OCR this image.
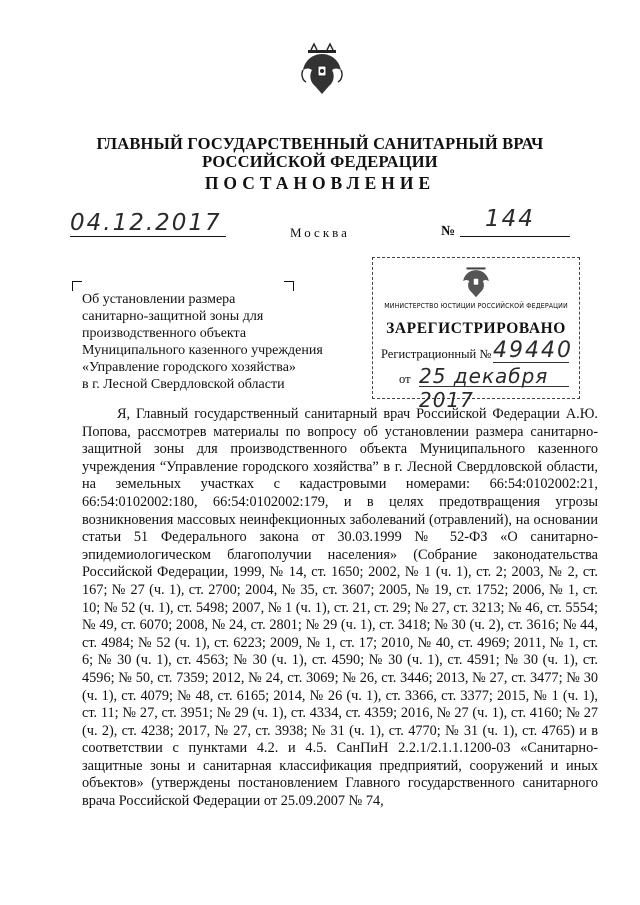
ГЛАВНЫЙ ГОСУДАРСТВЕННЫЙ САНИТАРНЫЙ ВРАЧ
РОССИЙСКОЙ ФЕДЕРАЦИИ
ПОСТАНОВЛЕНИЕ
04.12.2017	Москва	№ 144
Об установлении размера
санитарно-защитной зоны для
производственного объекта
Муниципального казенного учреждения
«Управление городского хозяйства»
в г. Лесной Свердловской области
МИНИСТЕРСТВО ЮСТИЦИИ РОССИЙСКОЙ ФЕДЕРАЦИИ
ЗАРЕГИСТРИРОВАНО
Регистрационный № 49440
от 25 декабря 2017

Я, Главный государственный санитарный врач Российской Федерации А.Ю. Попова, рассмотрев материалы по вопросу об установлении размера санитарно-защитной зоны для производственного объекта Муниципального казенного учреждения “Управление городского хозяйства” в г. Лесной Свердловской области, на земельных участках с кадастровыми номерами: 66:54:0102002:21, 66:54:0102002:180, 66:54:0102002:179, и в целях предотвращения угрозы возникновения массовых неинфекционных заболеваний (отравлений), на основании статьи 51 Федерального закона от 30.03.1999 № 52-ФЗ «О санитарно-эпидемиологическом благополучии населения» (Собрание законодательства Российской Федерации, 1999, № 14, ст. 1650; 2002, № 1 (ч. 1), ст. 2; 2003, № 2, ст. 167; № 27 (ч. 1), ст. 2700; 2004, № 35, ст. 3607; 2005, № 19, ст. 1752; 2006, № 1, ст. 10; № 52 (ч. 1), ст. 5498; 2007, № 1 (ч. 1), ст. 21, ст. 29; № 27, ст. 3213; № 46, ст. 5554; № 49, ст. 6070; 2008, № 24, ст. 2801; № 29 (ч. 1), ст. 3418; № 30 (ч. 2), ст. 3616; № 44, ст. 4984; № 52 (ч. 1), ст. 6223; 2009, № 1, ст. 17; 2010, № 40, ст. 4969; 2011, № 1, ст. 6; № 30 (ч. 1), ст. 4563; № 30 (ч. 1), ст. 4590; № 30 (ч. 1), ст. 4591; № 30 (ч. 1), ст. 4596; № 50, ст. 7359; 2012, № 24, ст. 3069; № 26, ст. 3446; 2013, № 27, ст. 3477; № 30 (ч. 1), ст. 4079; № 48, ст. 6165; 2014, № 26 (ч. 1), ст. 3366, ст. 3377; 2015, № 1 (ч. 1), ст. 11; № 27, ст. 3951; № 29 (ч. 1), ст. 4334, ст. 4359; 2016, № 27 (ч. 1), ст. 4160; № 27 (ч. 2), ст. 4238; 2017, № 27, ст. 3938; № 31 (ч. 1), ст. 4770; № 31 (ч. 1), ст. 4765) и в соответствии с пунктами 4.2. и 4.5. СанПиН 2.2.1/2.1.1.1200-03 «Санитарно-защитные зоны и санитарная классификация предприятий, сооружений и иных объектов» (утверждены постановлением Главного государственного санитарного врача Российской Федерации от 25.09.2007 № 74,
